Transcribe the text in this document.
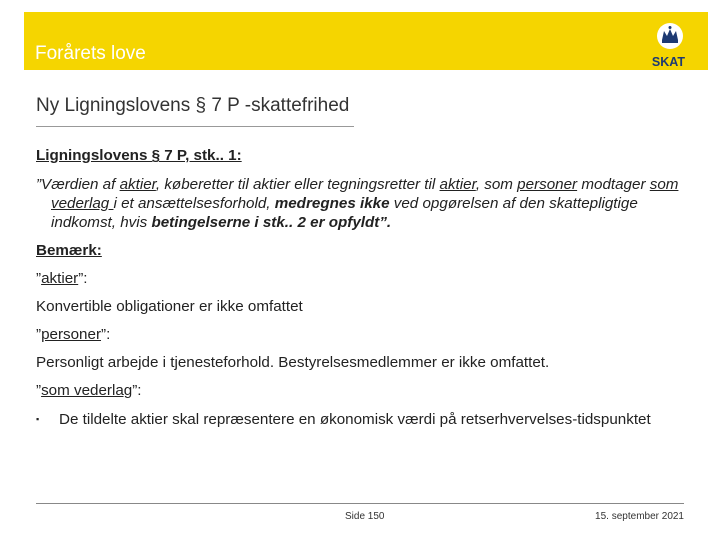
Forårets love	SKAT
Ny Ligningslovens § 7 P -skattefrihed

Ligningslovens § 7 P, stk.. 1:

”Værdien af aktier, køberetter til aktier eller tegningsretter til aktier, som personer modtager som vederlag i et ansættelsesforhold, medregnes ikke ved opgørelsen af den skattepligtige indkomst, hvis betingelserne i stk.. 2 er opfyldt”.

Bemærk:

”aktier”:

Konvertible obligationer er ikke omfattet

”personer”:

Personligt arbejde i tjenesteforhold. Bestyrelsesmedlemmer er ikke omfattet.

”som vederlag”:

▪	De tildelte aktier skal repræsentere en økonomisk værdi på retserhvervelses-tidspunktet
Side 150	15. september 2021
